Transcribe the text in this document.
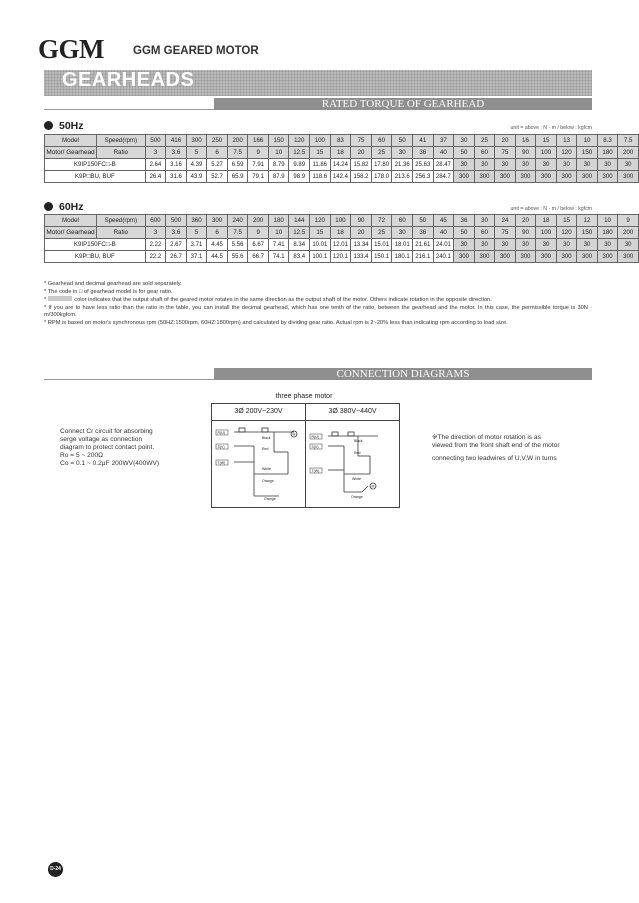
GGM	GGM GEARED MOTOR
GEARHEADS
RATED TORQUE OF GEARHEAD
50Hz	unit = above : N · m / below : kgfcm
Model	Speed(rpm)	500	416	300	250	200	166	150	120	100	83	75	60	50	41	37	30	25	20	16	15	13	10	8.3	7.5
Motor/ Gearhead	Ratio	3	3.6	5	6	7.5	9	10	12.5	15	18	20	25	30	36	40	50	60	75	90	100	120	150	180	200
K9IP150FC□-B		2.64	3.16	4.39	5.27	6.59	7.91	8.79	9.89	11.86	14.24	15.82	17.80	21.36	25.63	28.47	30	30	30	30	30	30	30	30	30
K9P□BU, BUF		26.4	31.6	43.9	52.7	65.9	79.1	87.9	98.9	118.6	142.4	158.2	178.0	213.6	256.3	284.7	300	300	300	300	300	300	300	300	300
60Hz	unit = above : N · m / below : kgfcm
Model	Speed(rpm)	600	500	360	300	240	200	180	144	120	100	90	72	60	50	45	36	30	24	20	18	15	12	10	9
Motor/ Gearhead	Ratio	3	3.6	5	6	7.5	9	10	12.5	15	18	20	25	30	36	40	50	60	75	90	100	120	150	180	200
K9IP150FC□-B		2.22	2.67	3.71	4.45	5.56	6.67	7.41	8.34	10.01	12.01	13.34	15.01	18.01	21.61	24.01	30	30	30	30	30	30	30	30	30
K9P□BU, BUF		22.2	26.7	37.1	44.5	55.6	66.7	74.1	83.4	100.1	120.1	133.4	150.1	180.1	216.1	240.1	300	300	300	300	300	300	300	300	300

* Gearhead and decimal gearhead are sold separately.

* The code in □ of gearhead model is for gear ratio.

*	color indicates that the output shaft of the geared motor rotates in the same direction as the output shaft of the motor. Others indicate rotation in the opposite direction.

* If you are to have less ratio than the ratio in the table, you can install the decimal gearhead, which has one tenth of the ratio, between the gearhead and the motor. In this case, the permissible torque is 30N · m/300kgfcm.

* RPM is based on motor's synchronous rpm (50HZ:1500rpm, 60HZ:1800rpm) and calculated by dividing gear ratio. Actual rpm is 2~20% less than indicating rpm according to load size.

CONNECTION DIAGRAMS
three phase motor
3Ø 200V~230V	3Ø 380V~440V
R(U)
S(V)
T(W)
Black
Red
White
Orange
Orange
M
R(U)
S(V)
T(W)
Black
Red
White
Orange
M
Connect Cr circuit for absorbing
serge voltage as connection
diagram to protect contact point.
Ro = 5 ~ 200Ω
Co = 0.1 ~ 0.2μF 200WV(400WV)
※The direction of motor rotation is as
viewed from the front shaft end of the motor
connecting two leadwires of U,V,W in turns
D-24
